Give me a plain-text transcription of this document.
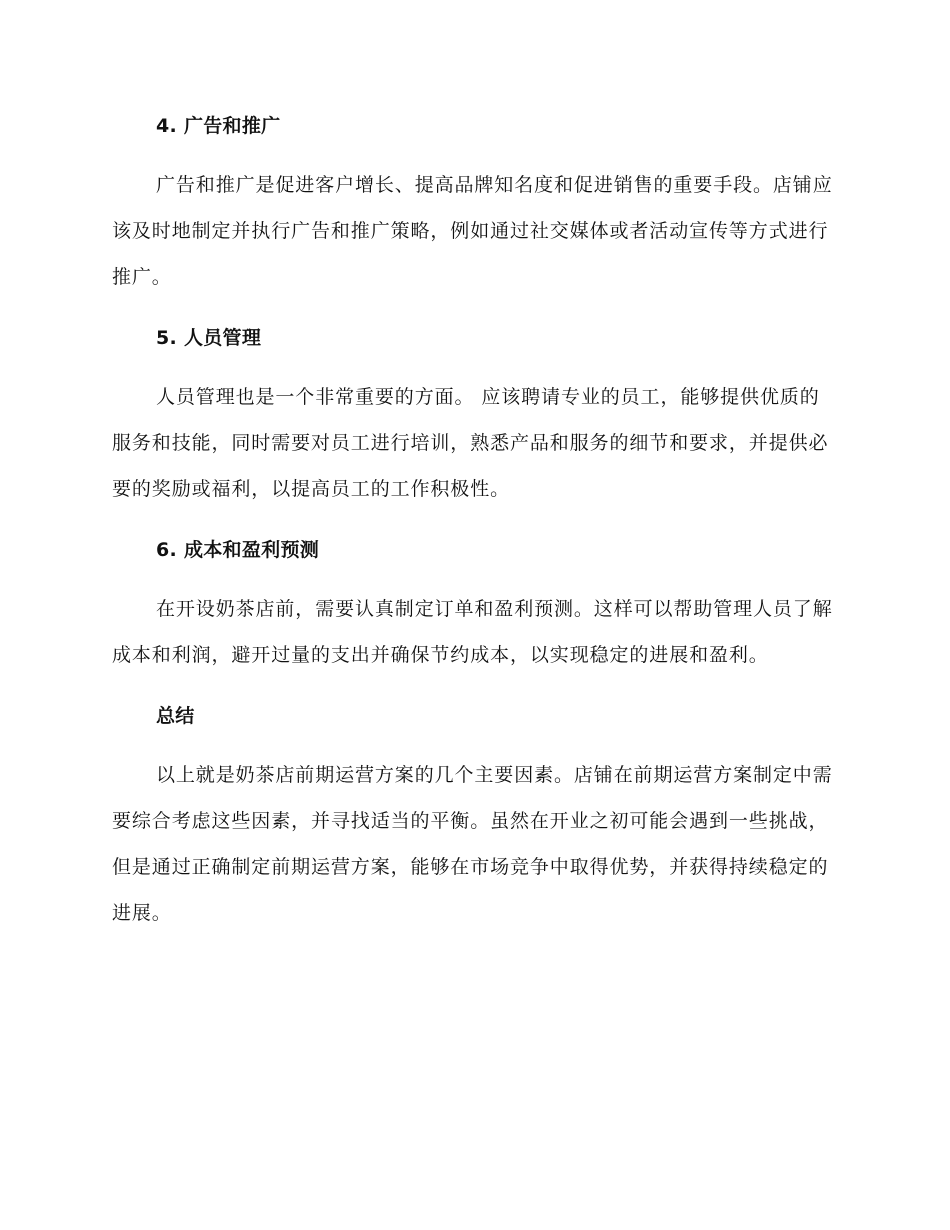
4. 广告和推广

广告和推广是促进客户增长、提高品牌知名度和促进销售的重要手段。店铺应该及时地制定并执行广告和推广策略，例如通过社交媒体或者活动宣传等方式进行推广。

5. 人员管理

人员管理也是一个非常重要的方面。 应该聘请专业的员工，能够提供优质的服务和技能，同时需要对员工进行培训，熟悉产品和服务的细节和要求，并提供必要的奖励或福利，以提高员工的工作积极性。

6. 成本和盈利预测

在开设奶茶店前，需要认真制定订单和盈利预测。这样可以帮助管理人员了解成本和利润，避开过量的支出并确保节约成本，以实现稳定的进展和盈利。

总结

以上就是奶茶店前期运营方案的几个主要因素。店铺在前期运营方案制定中需要综合考虑这些因素，并寻找适当的平衡。虽然在开业之初可能会遇到一些挑战，但是通过正确制定前期运营方案，能够在市场竞争中取得优势，并获得持续稳定的进展。
